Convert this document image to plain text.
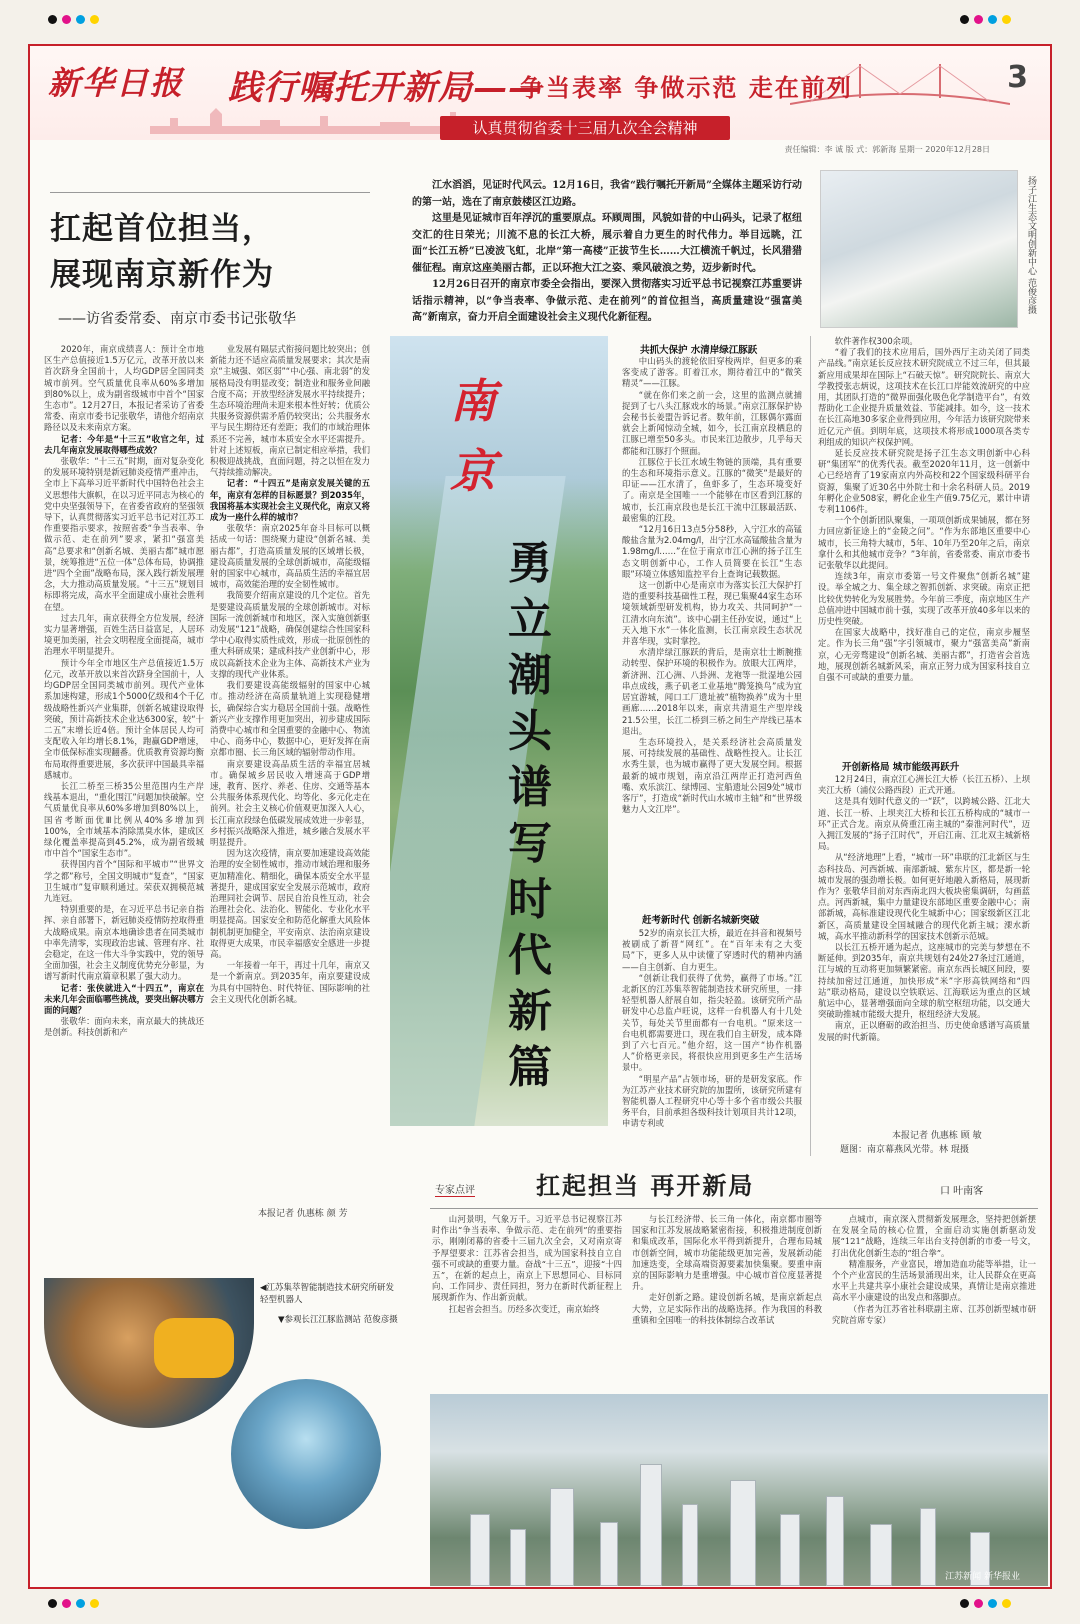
新华日报 践行嘱托开新局——
争当表率 争做示范 走在前列	3
认真贯彻省委十三届九次全会精神
责任编辑：李 诚 版 式：郭新海 星期一 2020年12月28日
扛起首位担当，
展现南京新作为
——访省委常委、南京市委书记张敬华

2020年，南京成绩喜人：预计全市地区生产总值接近1.5万亿元，改革开放以来首次跻身全国前十，人均GDP居全国同类城市前列。空气质量优良率从60%多增加到80%以上，成为副省级城市中首个“国家生态市”。12月27日，本报记者采访了省委常委、南京市委书记张敬华，请他介绍南京路径以及未来南京方案。

记者：今年是“十三五”收官之年，过去几年南京发展取得哪些成效？

张敬华：“十三五”时期，面对复杂变化的发展环境特别是新冠肺炎疫情严重冲击，全市上下高举习近平新时代中国特色社会主义思想伟大旗帜，在以习近平同志为核心的党中央坚强领导下，在省委省政府的坚强领导下，认真贯彻落实习近平总书记对江苏工作重要指示要求，按照省委“争当表率、争做示范、走在前列”要求，紧扣“强富美高”总要求和“创新名城、美丽古都”城市愿景，统筹推进“五位一体”总体布局，协调推进“四个全面”战略布局，深入践行新发展理念，大力推动高质量发展。“十三五”规划目标即将完成，高水平全面建成小康社会胜利在望。

过去几年，南京获得全方位发展，经济实力显著增强，百姓生活日益富足，人居环境更加美丽，社会文明程度全面提高，城市治理水平明显提升。

预计今年全市地区生产总值接近1.5万亿元，改革开放以来首次跻身全国前十，人均GDP居全国同类城市前列。现代产业体系加速构建，形成1个5000亿级和4个千亿级战略性新兴产业集群，创新名城建设取得突破，预计高新技术企业达6300家，较“十二五”末增长近4倍。预计全体居民人均可支配收入年均增长8.1%，跑赢GDP增速，全市低保标准实现翻番。优质教育资源均衡布局取得重要进展，多次获评中国最具幸福感城市。

长江二桥至三桥35公里范围内生产岸线基本退出，“重化围江”问题加快破解。空气质量优良率从60%多增加到80%以上，国省考断面优Ⅲ比例从40%多增加到100%，全市域基本消除黑臭水体，建成区绿化覆盖率提高到45.2%，成为副省级城市中首个“国家生态市”。

获得国内首个“国际和平城市”“世界文学之都”称号，全国文明城市“复查”，“国家卫生城市”复审顺利通过。荣获双拥模范城九连冠。

特别重要的是，在习近平总书记亲自指挥、亲自部署下，新冠肺炎疫情防控取得重大战略成果。南京本地确诊患者在同类城市中率先清零，实现政治忠诚、管理有序、社会稳定，在这一伟大斗争实践中，党的领导全面加强，社会主义制度优势充分彰显，为谱写新时代南京篇章积累了强大动力。

记者：张侠就进入“十四五”，南京在未来几年会面临哪些挑战，要突出解决哪方面的问题？

张敬华：面向未来，南京最大的挑战还是创新。科技创新和产

业发展有隔层式衔接问题比较突出；创新能力还不适应高质量发展要求；其次是南京“主城强、郊区弱”“中心强、南北弱”的发展格局没有明显改变；制造业和服务业间融合度不高；开放型经济发展水平持续提升；生态环境治理尚未迎来根本性好转；优质公共服务资源供需矛盾仍较突出；公共服务水平与民生期待还有差距；我们的市域治理体系还不完善，城市本质安全水平还需提升。针对上述短板，南京已制定相应举措，我们积极迎战挑战，直面问题，持之以恒在发力气持续推动解决。

记者：“十四五”是南京发展关键的五年，南京有怎样的目标愿景？到2035年，我国将基本实现社会主义现代化，南京又将成为一座什么样的城市？

张敬华：南京2025年奋斗目标可以概括成一句话：围绕聚力建设“创新名城、美丽古都”，打造高质量发展的区域增长极，建设高质量发展的全球创新城市，高能级辐射的国家中心城市，高品质生活的幸福宜居城市，高效能治理的安全韧性城市。

我简要介绍南京建设的几个定位。首先是要建设高质量发展的全球创新城市。对标国际一流创新城市和地区，深入实施创新驱动发展“121”战略，确保创建综合性国家科学中心取得实质性成效，形成一批原创性的重大科研成果；建成科技产业创新中心，形成以高新技术企业为主体、高新技术产业为支撑的现代产业体系。

我们要建设高能级辐射的国家中心城市。推动经济在高质量轨道上实现稳健增长，确保综合实力稳居全国前十强。战略性新兴产业支撑作用更加突出，初步建成国际消费中心城市和全国重要的金融中心、物流中心、商务中心，数据中心，更好发挥在南京都市圈、长三角区域的辐射带动作用。

南京要建设高品质生活的幸福宜居城市。确保城乡居民收入增速高于GDP增速，教育、医疗、养老、住房、交通等基本公共服务体系现代化、均等化、多元化走在前列。社会主义核心价值观更加深入人心，长江南京段绿色低碳发展成效进一步彰显，乡村振兴战略深入推进，城乡融合发展水平明显提升。

因为这次疫情，南京要加速建设高效能治理的安全韧性城市，推动市域治理和服务更加精准化、精细化，确保本质安全水平显著提升，建成国家安全发展示范城市，政府治理同社会调节、居民自治良性互动，社会治理社会化、法治化、智能化、专业化水平明显提高。国家安全和防范化解重大风险体制机制更加健全，平安南京、法治南京建设取得更大成果，市民幸福感安全感进一步提高。

一年接着一年干，再过十几年，南京又是一个新南京。到2035年，南京要建设成为具有中国特色、时代特征、国际影响的社会主义现代化创新名城。

本报记者 仇惠栋 颜 芳

江水滔滔，见证时代风云。12月16日，我省“践行嘱托开新局”全媒体主题采访行动的第一站，选在了南京鼓楼区江边路。

这里是见证城市百年浮沉的重要原点。环顾周围，风貌如昔的中山码头，记录了枢纽交汇的往日荣光；川流不息的长江大桥，展示着自力更生的时代伟力。举目远眺，江面“长江五桥”已凌波飞虹，北岸“第一高楼”正拔节生长……大江横流千帆过，长风猎猎催征程。南京这座美丽古都，正以环抱大江之姿、乘风破浪之势，迈步新时代。

12月26日召开的南京市委全会指出，要深入贯彻落实习近平总书记视察江苏重要讲话指示精神，以“争当表率、争做示范、走在前列”的首位担当，高质量建设“强富美高”新南京，奋力开启全面建设社会主义现代化新征程。

扬子江生态文明创新中心 范俊彦摄
南京
勇立潮头谱写时代新篇
共抓大保护 水清岸绿江豚跃

中山码头的渡轮依旧穿梭两岸，但更多的乘客变成了游客。盯着江水，期待着江中的“微笑精灵”——江豚。

“就在你们来之前一会，这里的监测点就捕捉到了七八头江豚戏水的场景。”南京江豚保护协会秘书长姜盟告诉记者。数年前，江豚偶尔露面就会上新闻惊动全城，如今，长江南京段栖息的江豚已增至50多头。市民来江边散步，几乎每天都能和江豚打个照面。

江豚位于长江水域生物链的顶端，具有重要的生态和环境指示意义。江豚的“微笑”是最好的印证——江水清了，鱼虾多了，生态环境变好了。南京是全国唯一一个能够在市区看到江豚的城市，长江南京段也是长江干流中江豚最活跃、最密集的江段。

“12月16日13点5分58秒，入宁江水的高锰酸盐含量为2.04mg/l，出宁江水高锰酸盐含量为1.98mg/l……”在位于南京市江心洲的扬子江生态文明创新中心，工作人员简要在长江“生态眼”环境立体感知监控平台上查询记载数据。

这一创新中心是南京市为落实长江大保护打造的重要科技基础性工程，现已集聚44家生态环境领域新型研发机构，协力攻关、共同呵护“一江清水向东流”。该中心副主任孙安说，通过“上天入地下水”一体化监测，长江南京段生态状况并喜华现，实时掌控。

水清岸绿江豚跃的背后，是南京壮士断腕推动转型、保护环境的积极作为。放眼大江两岸，新济洲、江心洲、八卦洲、龙袍等一批湿地公园串点成线，燕子矶老工业基地“腾笼换鸟”成为宜居宜游城，闻口工厂遗址被“植物换养”成为十里画廊……2018年以来，南京共清退生产型岸线21.5公里，长江二桥到三桥之间生产岸线已基本退出。

生态环境投入，是关系经济社会高质量发展、可持续发展的基础性、战略性投入。让长江水秀生景，也为城市赢得了更大发展空间。根据最新的城市规划，南京沿江两岸正打造河西鱼嘴、欢乐滨江、绿博园、宝船遗址公园9处“城市客厅”，打造成“新时代山水城市主轴”和“世界级魅力人文江岸”。

赶考新时代 创新名城新突破

52岁的南京长江大桥，最近在抖音和视频号被刷成了新晋“网红”。在“百年未有之大变局”下，更多人从中读懂了穿透时代的精神内涵——自主创新、自力更生。

“创新让我们获得了优势，赢得了市场。”江北新区的江苏集萃智能制造技术研究所里，一排轻型机器人舒展自如，指尖轻盈。该研究所产品研发中心总监卢旺说，这样一台机器人有十几处关节，每处关节里面都有一台电机。“原来这一台电机都需要进口，现在我们自主研发，成本降到了六七百元。”他介绍，这一国产“协作机器人”价格更亲民，将很快应用到更多生产生活场景中。

“明星产品”占领市场，研的是研发家底。作为江苏产业技术研究院的加盟所，该研究所建有智能机器人工程研究中心等十多个省市级公共服务平台，目前承担各级科技计划项目共计12项，申请专利或

软件著作权300余项。

“着了我们的技术应用后，国外西厅主动关闭了同类产品线。”南京延长反应技术研究院成立不过三年，但其最新应用成果却在国际上“石破天惊”。研究院院长、南京大学教授张志炳说，这项技术在长江口岸能效流研究的中应用，其团队打造的“微界面强化吸色化学制造平台”，有效帮助化工企业提升质量效益、节能减排。如今，这一技术在长江高地30多家企业得到应用，今年活力该研究院带来近亿元产值。到明年底，这项技术将形成1000项各类专利组成的知识产权保护网。

延长反应技术研究院是扬子江生态文明创新中心科研“集团军”的优秀代表。截至2020年11月，这一创新中心已经培育了19家南京内外高校和22个国家级科研平台资源，集聚了近30名中外院士和十余名科研人员。2019年孵化企业508家，孵化企业生产值9.75亿元，累计申请专利1106件。

一个个创新团队聚集，一项项创新成果铺展，都在努力回应新征途上的“金陵之问”。“作为东部地区重要中心城市，长三角特大城市，5年、10年乃至20年之后，南京拿什么和其他城市竞争？”3年前，省委常委、南京市委书记张敬华以此提问。

连续3年，南京市委第一号文件聚焦“创新名城”建设。举全城之力、集全球之智抓创新、求突破。南京正把比较优势转化为发展胜势。今年前三季度，南京地区生产总值冲进中国城市前十强，实现了改革开放40多年以来的历史性突破。

在国家大战略中，找好准自己的定位，南京步履坚定。作为长三角“强”字引领城市，聚力“强富美高”新南京，心无旁骛建设“创新名城、美丽古都”，打造省会首选地，展现创新名城新风采，南京正努力成为国家科技自立自强不可或缺的重要力量。

开创新格局 城市能级再跃升

12月24日，南京江心洲长江大桥（长江五桥）、上坝夹江大桥（浦仪公路西段）正式开通。

这是具有划时代意义的一“跃”，以跨城公路、江北大道、长江一桥、上坝夹江大桥和长江五桥构成的“城市一环”正式合龙。南京从倚重江南主城的“秦淮河时代”，迈入拥江发展的“扬子江时代”，开启江南、江北双主城新格局。

从“经济地理”上看，“城市一环”串联的江北新区与生态科技岛、河西新城、南部新城、紫东片区，都是新一轮城市发展的强劲增长极。如何更好地融入新格局，展现新作为？张敬华目前对东西南北四大板块密集调研，勾画蓝点。河西新城，集中力量建设东部地区重要金融中心；南部新城，高标准建设现代化生城新中心；国家级新区江北新区，高质量建设全国城融合的现代化新主城；溧水新城，高水平推动新科学的国家技术创新示范城。

以长江五桥开通为起点，这座城市的完美与梦想在不断延伸。到2035年，南京共规划有24处27条过江通道，江与城的互动将更加频繁紧密。南京东西长城区间段，要持续加密过江通道，加快形成“米”字形高铁网络和“四站”联动格局，建设以空铁联运、江海联运为重点的区域航运中心，显著增强面向全球的航空枢纽功能，以交通大突破助推城市能级大提升，枢纽经济大发展。

南京，正以磨砺的政治担当、历史使命感谱写高质量发展的时代新篇。

本报记者 仇惠栋 顾 敏
题图：南京幕燕风光带。林 琨摄
专家点评	扛起担当 再开新局	口 叶南客

山河景明，气象万千。习近平总书记视察江苏时作出“争当表率、争做示范、走在前列”的重要指示，刚刚闭幕的省委十三届九次全会，又对南京寄予厚望要求：江苏省会担当，成为国家科技自立自强不可或缺的重要力量。奋战“十三五”，迎接“十四五”，在新的起点上，南京上下思想同心、目标同向、工作同步、责任同担，努力在新时代新征程上展现新作为、作出新贡献。

扛起省会担当。历经多次变迁，南京始终

与长江经济带、长三角一体化，南京都市圈等国家和江苏发展战略紧密衔接，积极推进制度创新和集成改革，国际化水平得到新提升，合理布局城市创新空间，城市功能能级更加完善，发展新动能加速迭变，全球高端资源要素加快集聚。要重申南京的国际影响力是重增强。中心城市首位度显著提升。

走好创新之路。建设创新名城，是南京新起点大势，立足实际作出的战略选择。作为我国的科教重镇和全国唯一的科技体制综合改革试

点城市，南京深入贯彻新发展理念，坚持把创新摆在发展全局的核心位置，全面启动实施创新驱动发展“121”战略，连续三年出台支持创新的市委一号文，打出优化创新生态的“组合拳”。

精准服务，产业富民，增加造血功能等举措，让一个个产业富民的生活场景涌现出来，让人民群众在更高水平上共建共享小康社会建设成果，真情让是南京推进高水平小康建设的出发点和落脚点。

（作者为江苏省社科联副主席、江苏创新型城市研究院首席专家）

◀江苏集萃智能制造技术研究所研发轻型机器人
▼参观长江江豚监测站 范俊彦摄
江苏新闻 新华报业
